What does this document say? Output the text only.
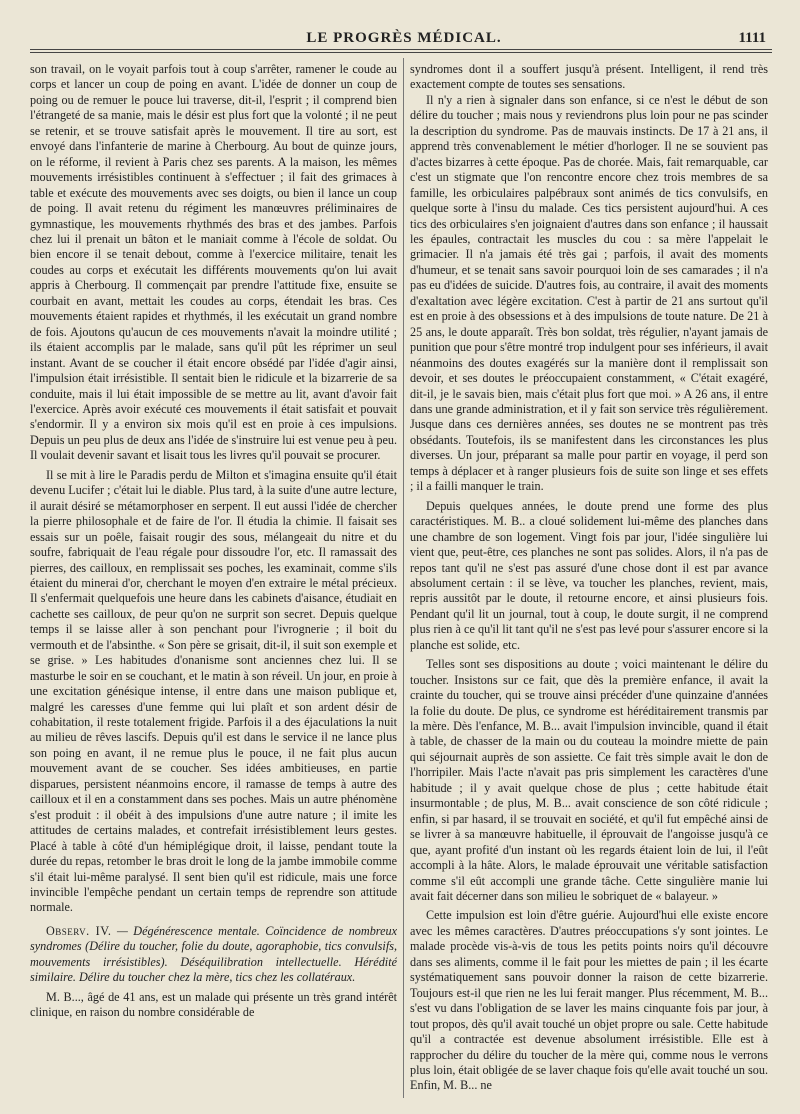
LE PROGRÈS MÉDICAL.	1111

son travail, on le voyait parfois tout à coup s'arrêter, ramener le coude au corps et lancer un coup de poing en avant. L'idée de donner un coup de poing ou de remuer le pouce lui traverse, dit-il, l'esprit ; il comprend bien l'étrangeté de sa manie, mais le désir est plus fort que la volonté ; il ne peut se retenir, et se trouve satisfait après le mouvement. Il tire au sort, est envoyé dans l'infanterie de marine à Cherbourg. Au bout de quinze jours, on le réforme, il revient à Paris chez ses parents. A la maison, les mêmes mouvements irrésistibles continuent à s'effectuer ; il fait des grimaces à table et exécute des mouvements avec ses doigts, ou bien il lance un coup de poing. Il avait retenu du régiment les manœuvres préliminaires de gymnastique, les mouvements rhythmés des bras et des jambes. Parfois chez lui il prenait un bâton et le maniait comme à l'école de soldat. Ou bien encore il se tenait debout, comme à l'exercice militaire, tenait les coudes au corps et exécutait les différents mouvements qu'on lui avait appris à Cherbourg. Il commençait par prendre l'attitude fixe, ensuite se courbait en avant, mettait les coudes au corps, étendait les bras. Ces mouvements étaient rapides et rhythmés, il les exécutait un grand nombre de fois. Ajoutons qu'aucun de ces mouvements n'avait la moindre utilité ; ils étaient accomplis par le malade, sans qu'il pût les réprimer un seul instant. Avant de se coucher il était encore obsédé par l'idée d'agir ainsi, l'impulsion était irrésistible. Il sentait bien le ridicule et la bizarrerie de sa conduite, mais il lui était impossible de se mettre au lit, avant d'avoir fait l'exercice. Après avoir exécuté ces mouvements il était satisfait et pouvait s'endormir. Il y a environ six mois qu'il est en proie à ces impulsions. Depuis un peu plus de deux ans l'idée de s'instruire lui est venue peu à peu. Il voulait devenir savant et lisait tous les livres qu'il pouvait se procurer.

Il se mit à lire le Paradis perdu de Milton et s'imagina ensuite qu'il était devenu Lucifer ; c'était lui le diable. Plus tard, à la suite d'une autre lecture, il aurait désiré se métamorphoser en serpent. Il eut aussi l'idée de chercher la pierre philosophale et de faire de l'or. Il étudia la chimie. Il faisait ses essais sur un poêle, faisait rougir des sous, mélangeait du nitre et du soufre, fabriquait de l'eau régale pour dissoudre l'or, etc. Il ramassait des pierres, des cailloux, en remplissait ses poches, les examinait, comme s'ils étaient du minerai d'or, cherchant le moyen d'en extraire le métal précieux. Il s'enfermait quelquefois une heure dans les cabinets d'aisance, étudiait en cachette ses cailloux, de peur qu'on ne surprit son secret. Depuis quelque temps il se laisse aller à son penchant pour l'ivrognerie ; il boit du vermouth et de l'absinthe. « Son père se grisait, dit-il, il suit son exemple et se grise. » Les habitudes d'onanisme sont anciennes chez lui. Il se masturbe le soir en se couchant, et le matin à son réveil. Un jour, en proie à une excitation génésique intense, il entre dans une maison publique et, malgré les caresses d'une femme qui lui plaît et son ardent désir de cohabitation, il reste totalement frigide. Parfois il a des éjaculations la nuit au milieu de rêves lascifs. Depuis qu'il est dans le service il ne lance plus son poing en avant, il ne remue plus le pouce, il ne fait plus aucun mouvement avant de se coucher. Ses idées ambitieuses, en partie disparues, persistent néanmoins encore, il ramasse de temps à autre des cailloux et il en a constamment dans ses poches. Mais un autre phénomène s'est produit : il obéit à des impulsions d'une autre nature ; il imite les attitudes de certains malades, et contrefait irrésistiblement leurs gestes. Placé à table à côté d'un hémiplégique droit, il laisse, pendant toute la durée du repas, retomber le bras droit le long de la jambe immobile comme s'il était lui-même paralysé. Il sent bien qu'il est ridicule, mais une force invincible l'empêche pendant un certain temps de reprendre son attitude normale.

Observ. IV. — Dégénérescence mentale. Coïncidence de nombreux syndromes (Délire du toucher, folie du doute, agoraphobie, tics convulsifs, mouvements irrésistibles). Déséquilibration intellectuelle. Hérédité similaire. Délire du toucher chez la mère, tics chez les collatéraux.

M. B..., âgé de 41 ans, est un malade qui présente un très grand intérêt clinique, en raison du nombre considérable de

syndromes dont il a souffert jusqu'à présent. Intelligent, il rend très exactement compte de toutes ses sensations.

Il n'y a rien à signaler dans son enfance, si ce n'est le début de son délire du toucher ; mais nous y reviendrons plus loin pour ne pas scinder la description du syndrome. Pas de mauvais instincts. De 17 à 21 ans, il apprend très convenablement le métier d'horloger. Il ne se souvient pas d'actes bizarres à cette époque. Pas de chorée. Mais, fait remarquable, car c'est un stigmate que l'on rencontre encore chez trois membres de sa famille, les orbiculaires palpébraux sont animés de tics convulsifs, en quelque sorte à l'insu du malade. Ces tics persistent aujourd'hui. A ces tics des orbiculaires s'en joignaient d'autres dans son enfance ; il haussait les épaules, contractait les muscles du cou : sa mère l'appelait le grimacier. Il n'a jamais été très gai ; parfois, il avait des moments d'humeur, et se tenait sans savoir pourquoi loin de ses camarades ; il n'a pas eu d'idées de suicide. D'autres fois, au contraire, il avait des moments d'exaltation avec légère excitation. C'est à partir de 21 ans surtout qu'il est en proie à des obsessions et à des impulsions de toute nature. De 21 à 25 ans, le doute apparaît. Très bon soldat, très régulier, n'ayant jamais de punition que pour s'être montré trop indulgent pour ses inférieurs, il avait néanmoins des doutes exagérés sur la manière dont il remplissait son devoir, et ses doutes le préoccupaient constamment, « C'était exagéré, dit-il, je le savais bien, mais c'était plus fort que moi. » A 26 ans, il entre dans une grande administration, et il y fait son service très régulièrement. Jusque dans ces dernières années, ses doutes ne se montrent pas très obsédants. Toutefois, ils se manifestent dans les circonstances les plus diverses. Un jour, préparant sa malle pour partir en voyage, il perd son temps à déplacer et à ranger plusieurs fois de suite son linge et ses effets ; il a failli manquer le train.

Depuis quelques années, le doute prend une forme des plus caractéristiques. M. B.. a cloué solidement lui-même des planches dans une chambre de son logement. Vingt fois par jour, l'idée singulière lui vient que, peut-être, ces planches ne sont pas solides. Alors, il n'a pas de repos tant qu'il ne s'est pas assuré d'une chose dont il est par avance absolument certain : il se lève, va toucher les planches, revient, mais, repris aussitôt par le doute, il retourne encore, et ainsi plusieurs fois. Pendant qu'il lit un journal, tout à coup, le doute surgit, il ne comprend plus rien à ce qu'il lit tant qu'il ne s'est pas levé pour s'assurer encore si la planche est solide, etc.

Telles sont ses dispositions au doute ; voici maintenant le délire du toucher. Insistons sur ce fait, que dès la première enfance, il avait la crainte du toucher, qui se trouve ainsi précéder d'une quinzaine d'années la folie du doute. De plus, ce syndrome est héréditairement transmis par la mère. Dès l'enfance, M. B... avait l'impulsion invincible, quand il était à table, de chasser de la main ou du couteau la moindre miette de pain qui séjournait auprès de son assiette. Ce fait très simple avait le don de l'horripiler. Mais l'acte n'avait pas pris simplement les caractères d'une habitude ; il y avait quelque chose de plus ; cette habitude était insurmontable ; de plus, M. B... avait conscience de son côté ridicule ; enfin, si par hasard, il se trouvait en société, et qu'il fut empêché ainsi de se livrer à sa manœuvre habituelle, il éprouvait de l'angoisse jusqu'à ce que, ayant profité d'un instant où les regards étaient loin de lui, il l'eût accompli à la hâte. Alors, le malade éprouvait une véritable satisfaction comme s'il eût accompli une grande tâche. Cette singulière manie lui avait fait décerner dans son milieu le sobriquet de « balayeur. »

Cette impulsion est loin d'être guérie. Aujourd'hui elle existe encore avec les mêmes caractères. D'autres préoccupations s'y sont jointes. Le malade procède vis-à-vis de tous les petits points noirs qu'il découvre dans ses aliments, comme il le fait pour les miettes de pain ; il les écarte systématiquement sans pouvoir donner la raison de cette bizarrerie. Toujours est-il que rien ne les lui ferait manger. Plus récemment, M. B... s'est vu dans l'obligation de se laver les mains cinquante fois par jour, à tout propos, dès qu'il avait touché un objet propre ou sale. Cette habitude qu'il a contractée est devenue absolument irrésistible. Elle est à rapprocher du délire du toucher de la mère qui, comme nous le verrons plus loin, était obligée de se laver chaque fois qu'elle avait touché un sou. Enfin, M. B... ne
